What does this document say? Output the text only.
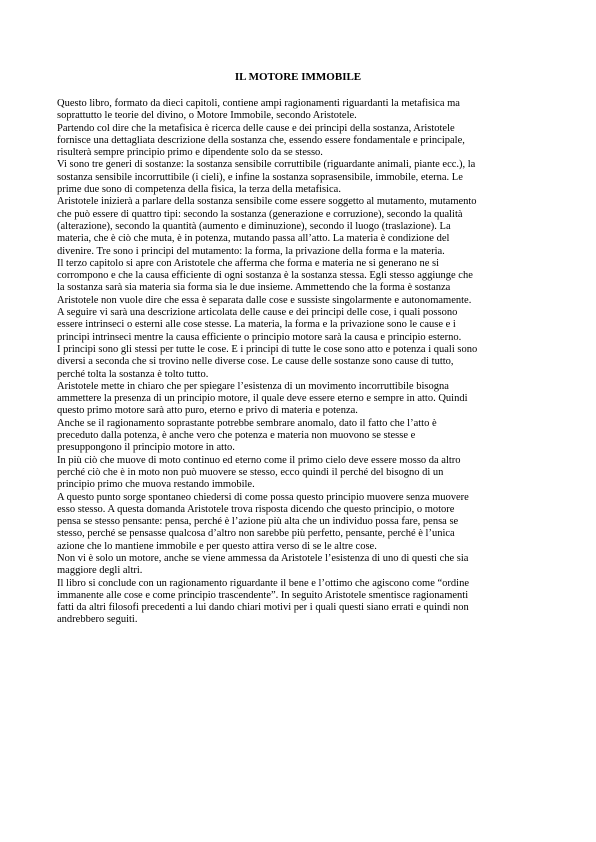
IL MOTORE IMMOBILE
Questo libro, formato da dieci capitoli, contiene ampi ragionamenti riguardanti la metafisica ma
soprattutto le teorie del divino, o Motore Immobile, secondo Aristotele.
Partendo col dire che la metafisica è ricerca delle cause e dei principi della sostanza, Aristotele
fornisce una dettagliata descrizione della sostanza che, essendo essere fondamentale e principale,
risulterà sempre principio primo e dipendente solo da se stesso.
Vi sono tre generi di sostanze: la sostanza sensibile corruttibile (riguardante animali, piante ecc.), la
sostanza sensibile incorruttibile (i cieli), e infine la sostanza soprasensibile, immobile, eterna. Le
prime due sono di competenza della fisica, la terza della metafisica.
Aristotele inizierà a parlare della sostanza sensibile come essere soggetto al mutamento, mutamento
che può essere di quattro tipi: secondo la sostanza (generazione e corruzione), secondo la qualità
(alterazione), secondo la quantità (aumento e diminuzione), secondo il luogo (traslazione). La
materia, che è ciò che muta, è in potenza, mutando passa all’atto. La materia è condizione del
divenire. Tre sono i principi del mutamento: la forma, la privazione della forma e la materia.
Il terzo capitolo si apre con Aristotele che afferma che forma e materia ne si generano ne si
corrompono e che la causa efficiente di ogni sostanza è la sostanza stessa. Egli stesso aggiunge che
la sostanza sarà sia materia sia forma sia le due insieme. Ammettendo che la forma è sostanza
Aristotele non vuole dire che essa è separata dalle cose e sussiste singolarmente e autonomamente.
A seguire vi sarà una descrizione articolata delle cause e dei principi delle cose, i quali possono
essere intrinseci o esterni alle cose stesse. La materia, la forma e la privazione sono le cause e i
principi intrinseci mentre la causa efficiente o principio motore sarà la causa e principio esterno.
I principi sono gli stessi per tutte le cose. E i principi di tutte le cose sono atto e potenza i quali sono
diversi a seconda che si trovino nelle diverse cose. Le cause delle sostanze sono cause di tutto,
perché tolta la sostanza è tolto tutto.
Aristotele mette in chiaro che per spiegare l’esistenza di un movimento incorruttibile bisogna
ammettere la presenza di un principio motore, il quale deve essere eterno e sempre in atto. Quindi
questo primo motore sarà atto puro, eterno e privo di materia e potenza.
Anche se il ragionamento soprastante potrebbe sembrare anomalo, dato il fatto che l’atto è
preceduto dalla potenza, è anche vero che potenza e materia non muovono se stesse e
presuppongono il principio motore in atto.
In più ciò che muove di moto continuo ed eterno come il primo cielo deve essere mosso da altro
perché ciò che è in moto non può muovere se stesso, ecco quindi il perché del bisogno di un
principio primo che muova restando immobile.
A questo punto sorge spontaneo chiedersi di come possa questo principio muovere senza muovere
esso stesso. A questa domanda Aristotele trova risposta dicendo che questo principio, o motore
pensa se stesso pensante: pensa, perché è l’azione più alta che un individuo possa fare, pensa se
stesso, perché se pensasse qualcosa d’altro non sarebbe più perfetto, pensante, perché è l’unica
azione che lo mantiene immobile e per questo attira verso di se le altre cose.
Non vi è solo un motore, anche se viene ammessa da Aristotele l’esistenza di uno di questi che sia
maggiore degli altri.
Il libro si conclude con un ragionamento riguardante il bene e l’ottimo che agiscono come “ordine
immanente alle cose e come principio trascendente”. In seguito Aristotele smentisce ragionamenti
fatti da altri filosofi precedenti a lui dando chiari motivi per i quali questi siano errati e quindi non
andrebbero seguiti.
